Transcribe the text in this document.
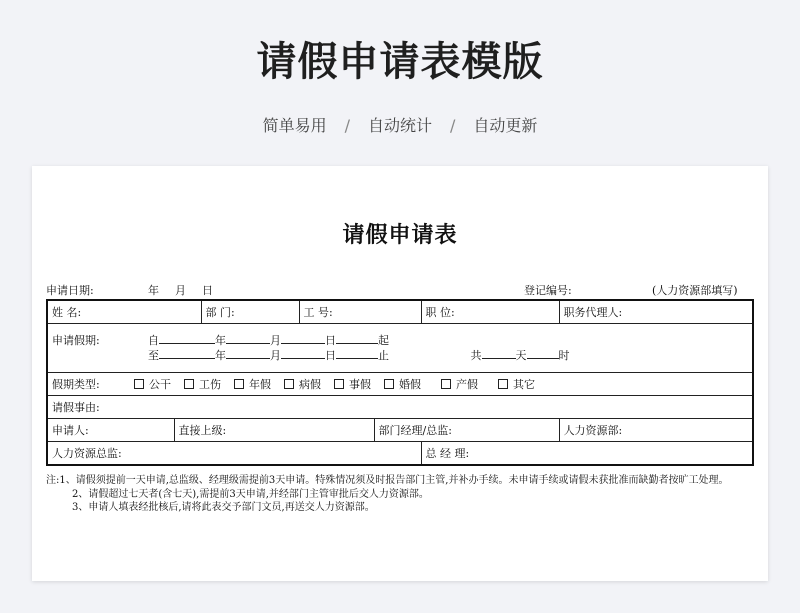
请假申请表模版
简单易用 / 自动统计 / 自动更新
请假申请表
申请日期:	年 月 日	登记编号:	(人力资源部填写)
姓 名:		部 门:	工 号:		职 位:	职务代理人:

申请假期: 自 年 月 日 起
至 年 月 日 止 共 天 时						

假期类型: 公干 工伤 年假 病假 事假 婚假 产假 其它						
请假事由:						
申请人:	直接上级:			部门经理/总监:		人力资源部:
人力资源总监:					总 经 理:	
注:1、请假须提前一天申请,总监级、经理级需提前3天申请。特殊情况须及时报告部门主管,并补办手续。未申请手续或请假未获批准而缺勤者按旷工处理。
2、请假超过七天者(含七天),需提前3天申请,并经部门主管审批后交人力资源部。
3、申请人填表经批核后,请将此表交予部门文员,再送交人力资源部。
